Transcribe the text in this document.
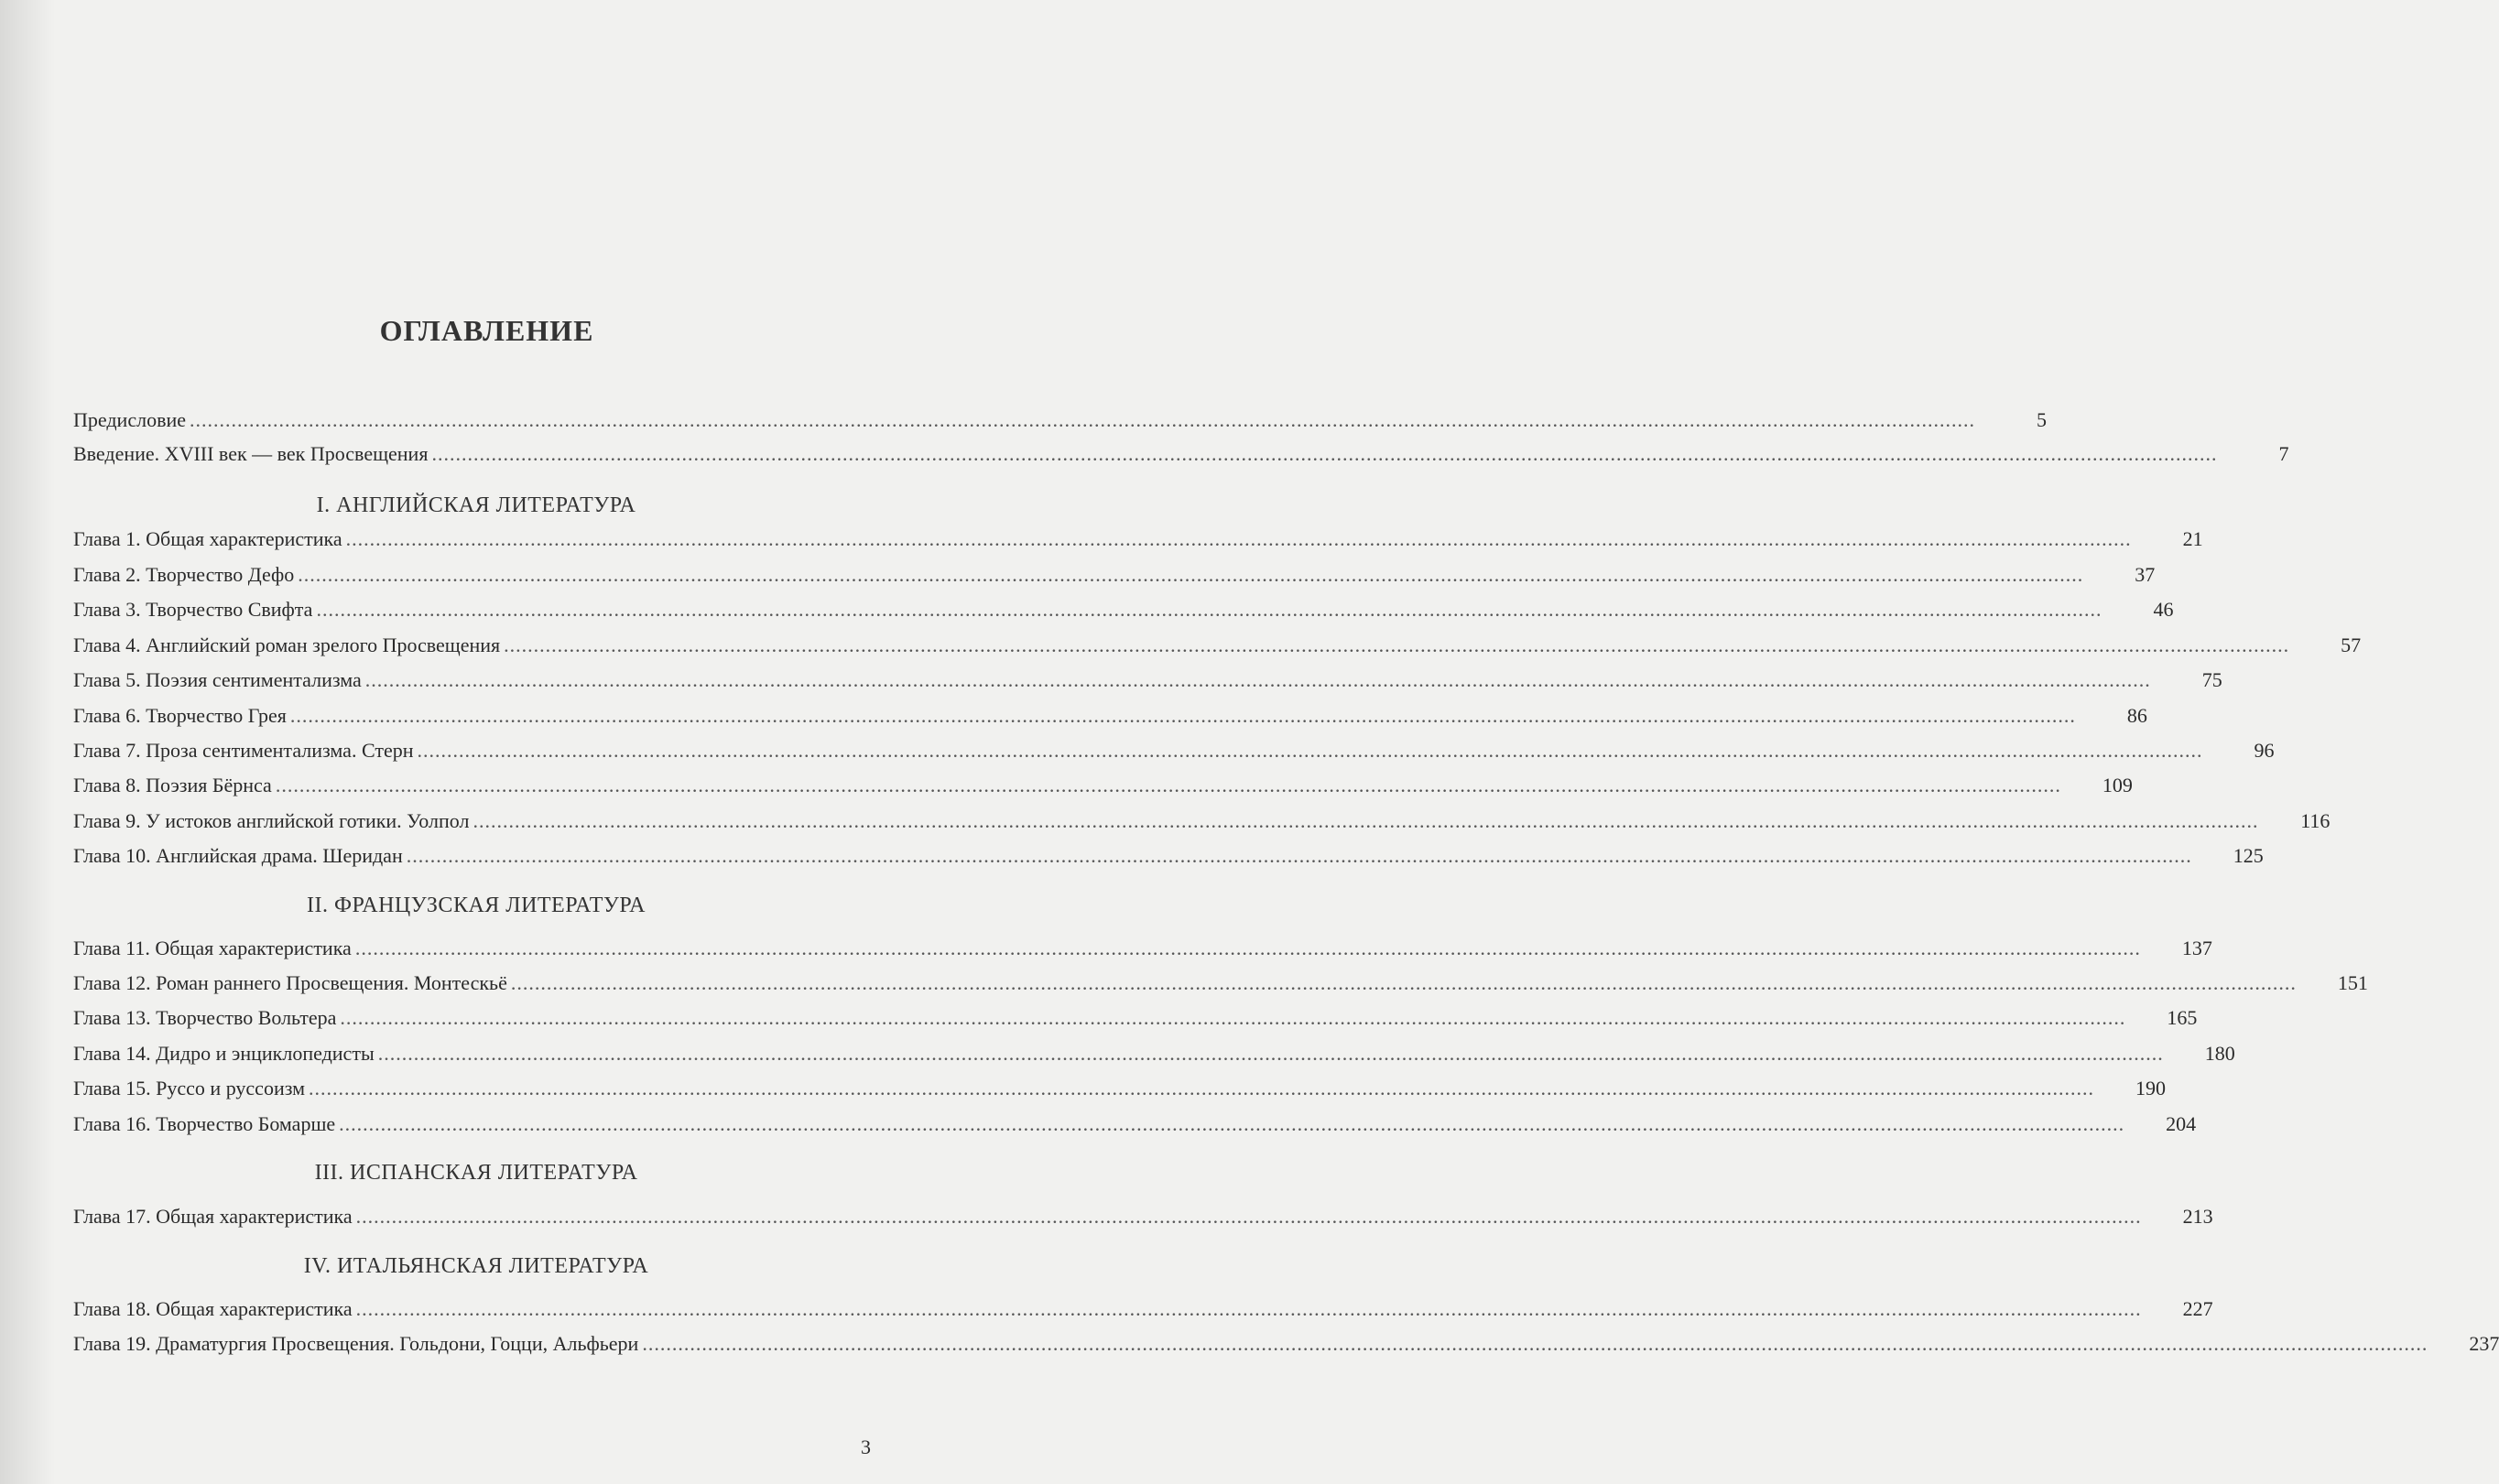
ОГЛАВЛЕНИЕ
Предисловие ............................................................................................................................................................................................................................................................................................................	5
Введение. XVIII век — век Просвещения ............................................................................................................................................................................................................................................................................................................	7
I. АНГЛИЙСКАЯ ЛИТЕРАТУРА
Глава 1. Общая характеристика ............................................................................................................................................................................................................................................................................................................	21
Глава 2. Творчество Дефо ............................................................................................................................................................................................................................................................................................................	37
Глава 3. Творчество Свифта ............................................................................................................................................................................................................................................................................................................	46
Глава 4. Английский роман зрелого Просвещения ............................................................................................................................................................................................................................................................................................................	57
Глава 5. Поэзия сентиментализма ............................................................................................................................................................................................................................................................................................................	75
Глава 6. Творчество Грея ............................................................................................................................................................................................................................................................................................................	86
Глава 7. Проза сентиментализма. Стерн ............................................................................................................................................................................................................................................................................................................	96
Глава 8. Поэзия Бёрнса ............................................................................................................................................................................................................................................................................................................	109
Глава 9. У истоков английской готики. Уолпол ............................................................................................................................................................................................................................................................................................................	116
Глава 10. Английская драма. Шеридан ............................................................................................................................................................................................................................................................................................................	125
II. ФРАНЦУЗСКАЯ ЛИТЕРАТУРА
Глава 11. Общая характеристика ............................................................................................................................................................................................................................................................................................................	137
Глава 12. Роман раннего Просвещения. Монтескьё ............................................................................................................................................................................................................................................................................................................	151
Глава 13. Творчество Вольтера ............................................................................................................................................................................................................................................................................................................	165
Глава 14. Дидро и энциклопедисты ............................................................................................................................................................................................................................................................................................................	180
Глава 15. Руссо и руссоизм ............................................................................................................................................................................................................................................................................................................	190
Глава 16. Творчество Бомарше ............................................................................................................................................................................................................................................................................................................	204
III. ИСПАНСКАЯ ЛИТЕРАТУРА
Глава 17. Общая характеристика ............................................................................................................................................................................................................................................................................................................	213
IV. ИТАЛЬЯНСКАЯ ЛИТЕРАТУРА
Глава 18. Общая характеристика ............................................................................................................................................................................................................................................................................................................	227
Глава 19. Драматургия Просвещения. Гольдони, Гоцци, Альфьери ............................................................................................................................................................................................................................................................................................................	237
3
